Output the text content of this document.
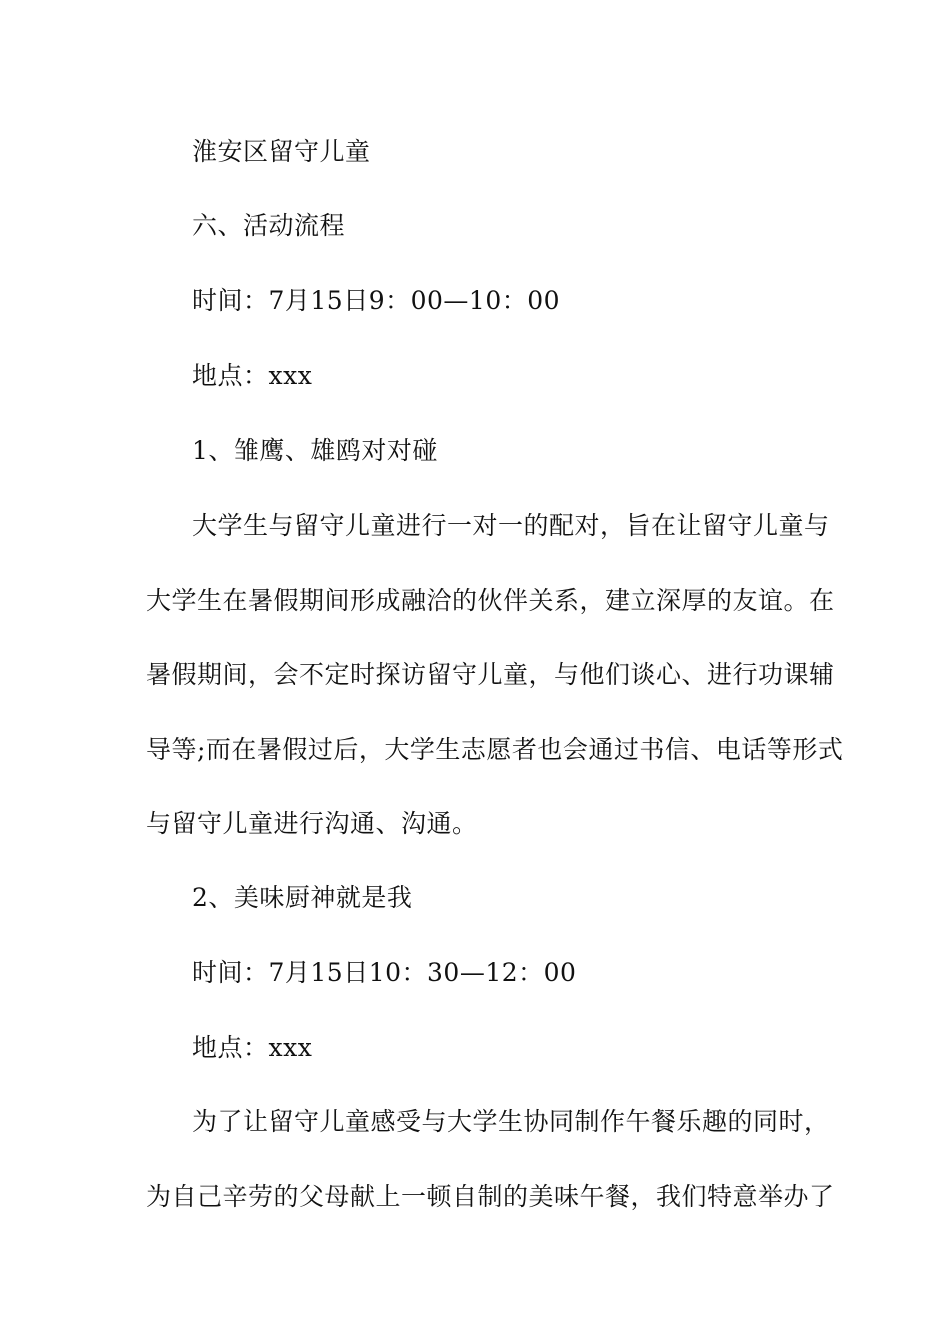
淮安区留守儿童
六、活动流程
时间：7月15日9：00—10：00
地点：xxx
1、雏鹰、雄鸥对对碰
大学生与留守儿童进行一对一的配对，旨在让留守儿童与
大学生在暑假期间形成融洽的伙伴关系，建立深厚的友谊。在
暑假期间，会不定时探访留守儿童，与他们谈心、进行功课辅
导等;而在暑假过后，大学生志愿者也会通过书信、电话等形式
与留守儿童进行沟通、沟通。
2、美味厨神就是我
时间：7月15日10：30—12：00
地点：xxx
为了让留守儿童感受与大学生协同制作午餐乐趣的同时，
为自己辛劳的父母献上一顿自制的美味午餐，我们特意举办了
